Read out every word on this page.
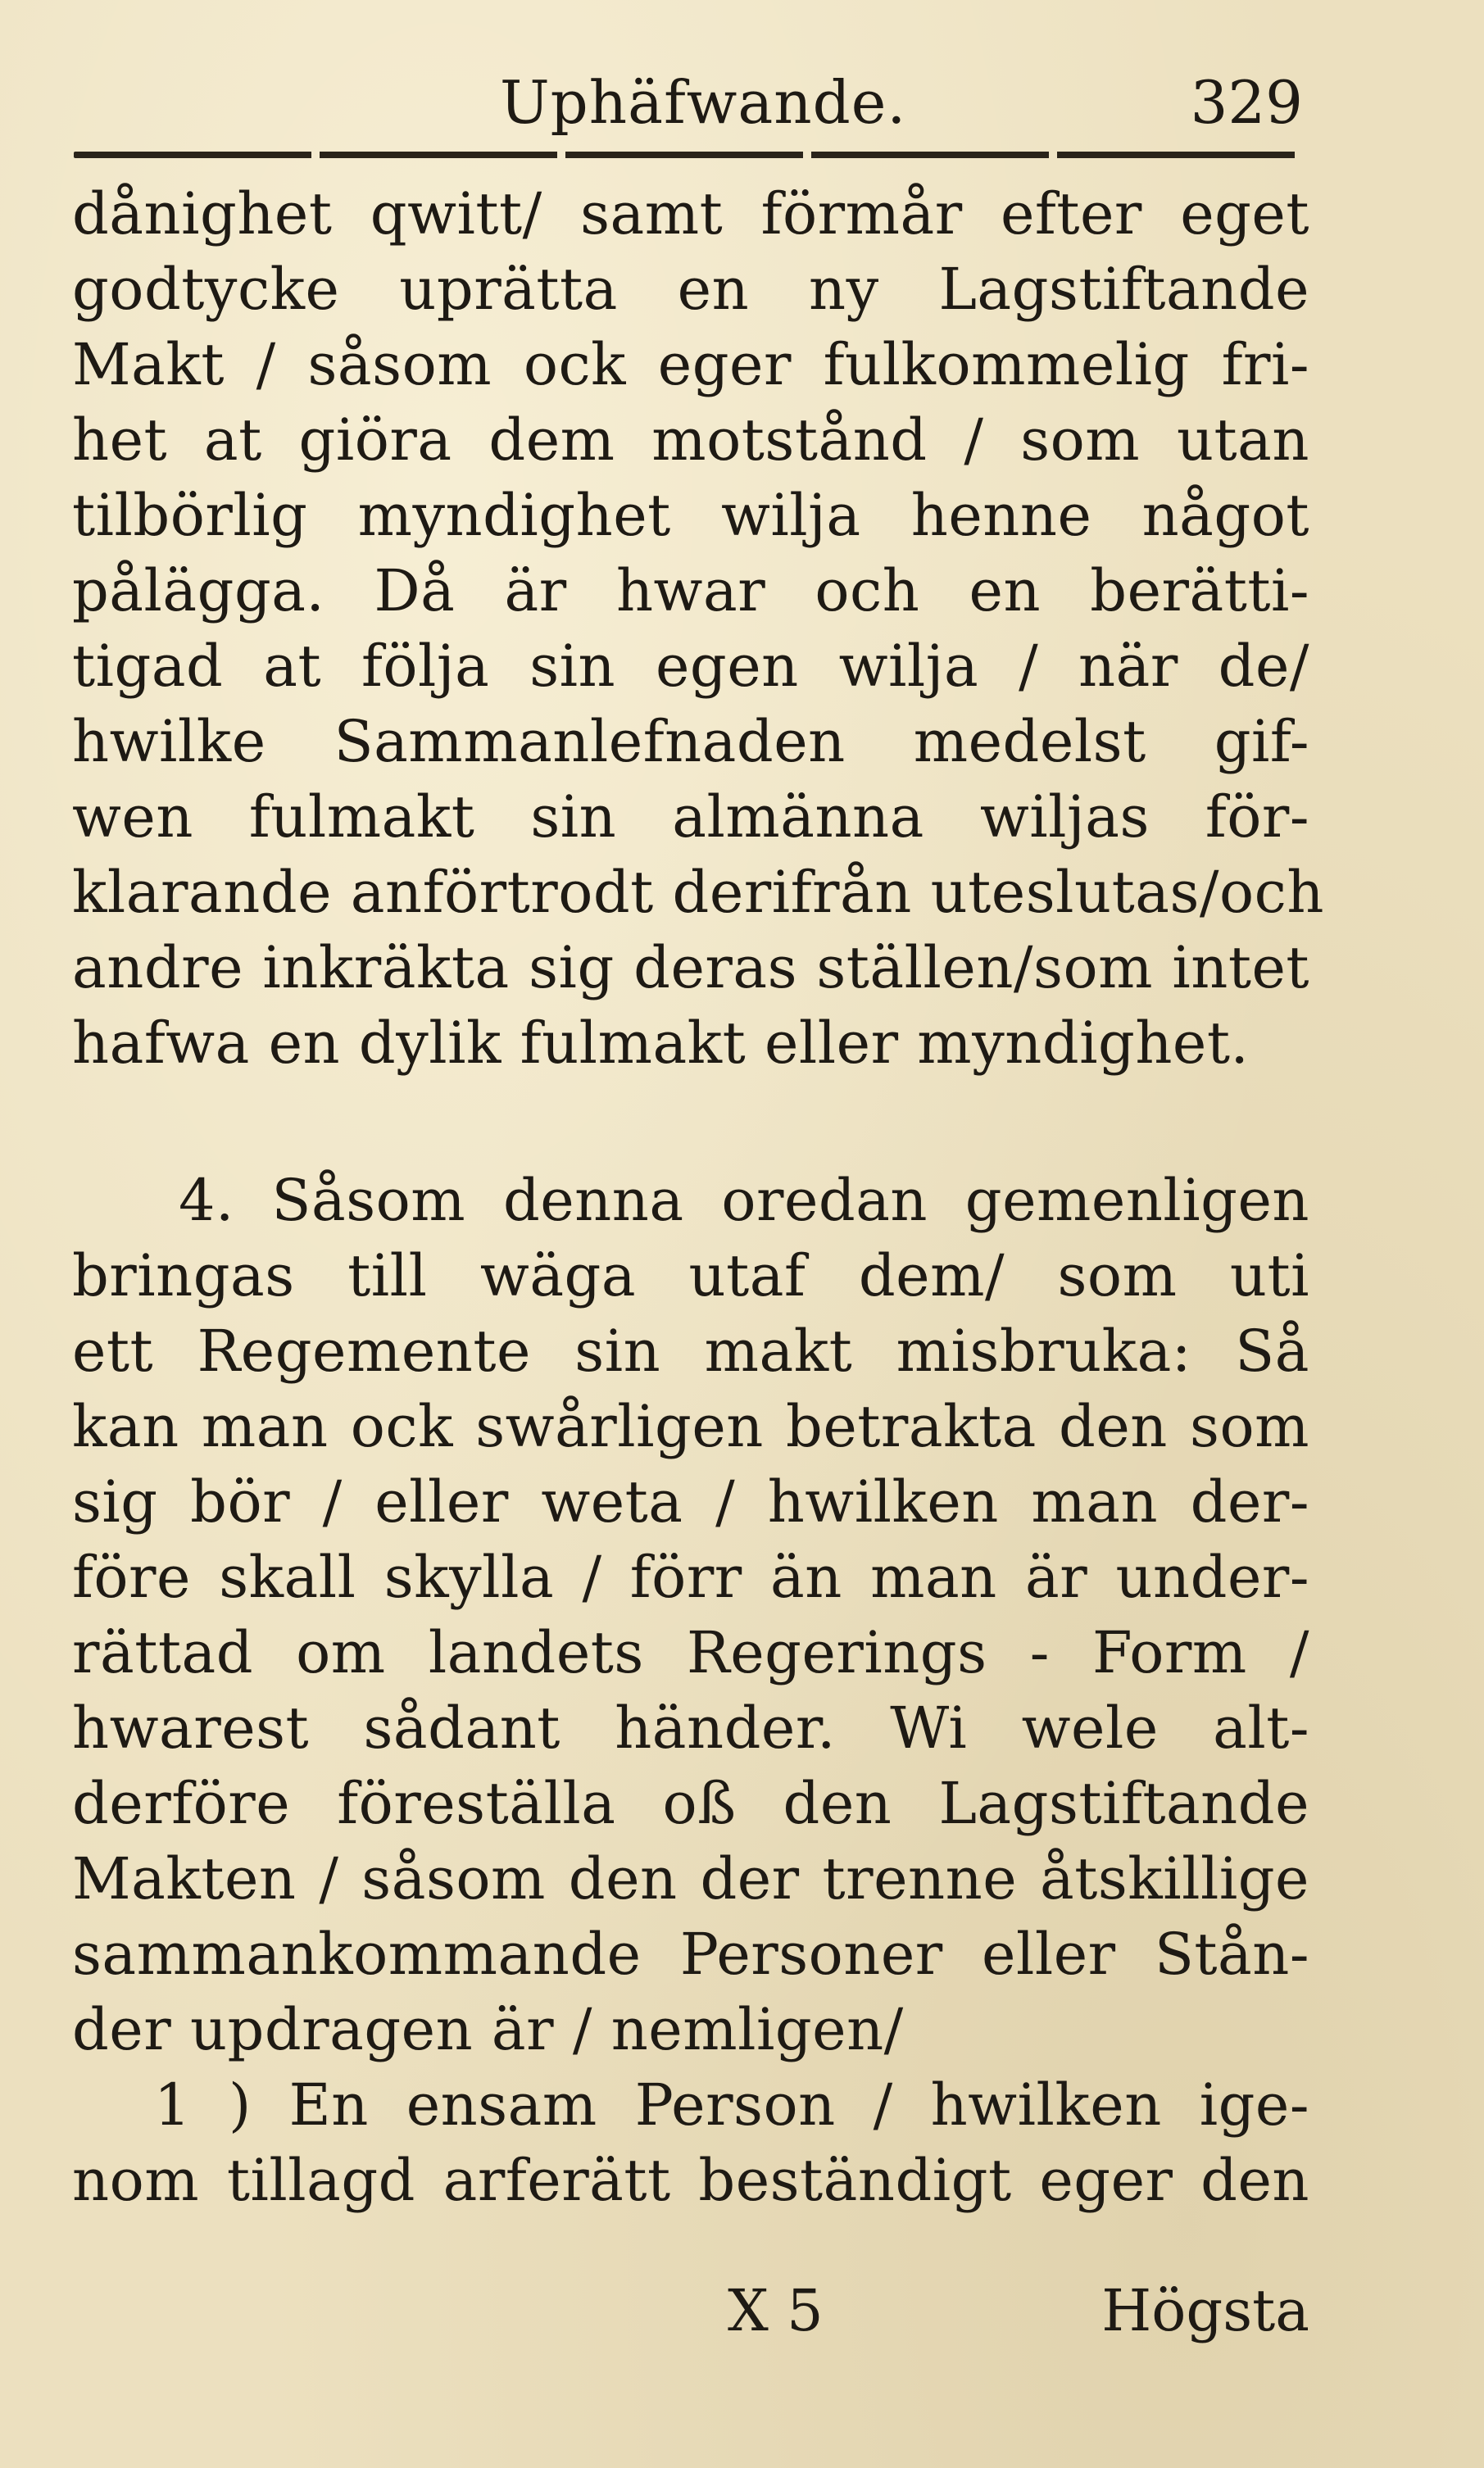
Uphäfwande.	329
dånighet qwitt/ samt förmår efter eget
godtycke uprätta en ny Lagstiftande
Makt / såsom ock eger fulkommelig fri-
het at giöra dem motstånd / som utan
tilbörlig myndighet wilja henne något
pålägga. Då är hwar och en berätti-
tigad at följa sin egen wilja / när de/
hwilke Sammanlefnaden medelst gif-
wen fulmakt sin almänna wiljas för-
klarande anförtrodt derifrån uteslutas/och
andre inkräkta sig deras ställen/som intet
hafwa en dylik fulmakt eller myndighet.
4. Såsom denna oredan gemenligen
bringas till wäga utaf dem/ som uti
ett Regemente sin makt misbruka: Så
kan man ock swårligen betrakta den som
sig bör / eller weta / hwilken man der-
före skall skylla / förr än man är under-
rättad om landets Regerings - Form /
hwarest sådant händer. Wi wele alt-
derföre föreställa oß den Lagstiftande
Makten / såsom den der trenne åtskillige
sammankommande Personer eller Stån-
der updragen är / nemligen/
1 ) En ensam Person / hwilken ige-
nom tillagd arferätt beständigt eger den
X 5	Högsta
